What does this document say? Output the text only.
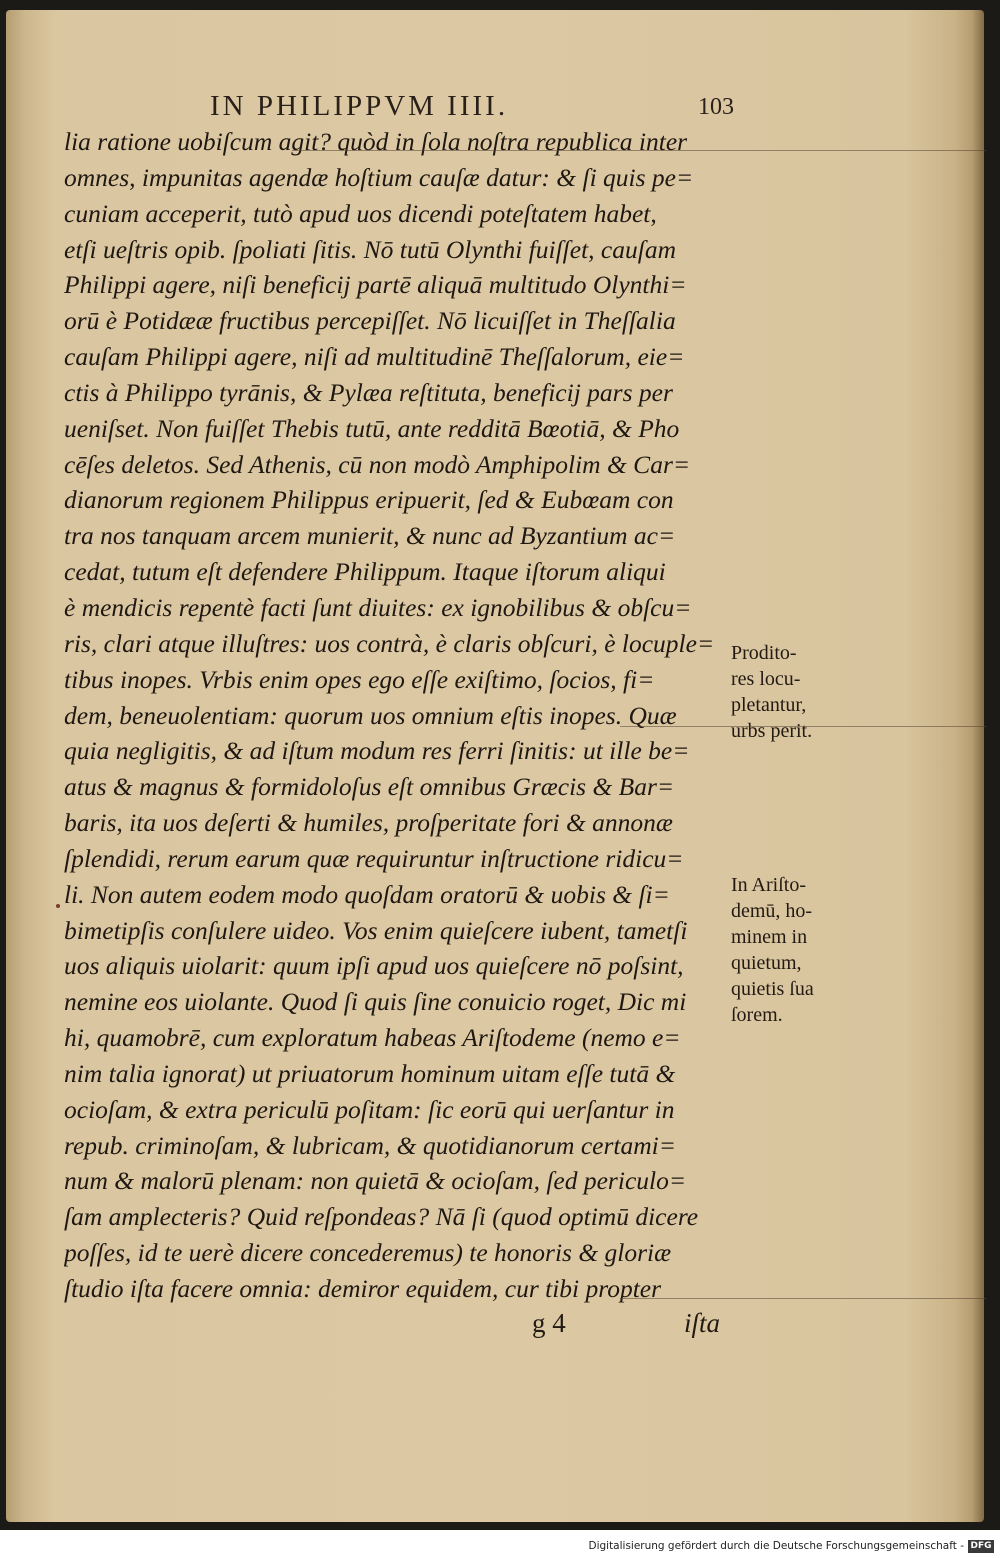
IN PHILIPPVM IIII.	103
lia ratione uobiſcum agit? quòd in ſola noſtra republica inter
omnes, impunitas agendæ hoſtium cauſæ datur: & ſi quis pe=
cuniam acceperit, tutò apud uos dicendi poteſtatem habet,
etſi ueſtris opib. ſpoliati ſitis. Nō tutū Olynthi fuiſſet, cauſam
Philippi agere, niſi beneficij partē aliquā multitudo Olynthi=
orū è Potidææ fructibus percepiſſet. Nō licuiſſet in Theſſalia
cauſam Philippi agere, niſi ad multitudinē Theſſalorum, eie=
ctis à Philippo tyrānis, & Pylæa reſtituta, beneficij pars per
ueniſset. Non fuiſſet Thebis tutū, ante redditā Bœotiā, & Pho
cēſes deletos. Sed Athenis, cū non modò Amphipolim & Car=
dianorum regionem Philippus eripuerit, ſed & Eubœam con
tra nos tanquam arcem munierit, & nunc ad Byzantium ac=
cedat, tutum eſt defendere Philippum. Itaque iſtorum aliqui
è mendicis repentè facti ſunt diuites: ex ignobilibus & obſcu=
ris, clari atque illuſtres: uos contrà, è claris obſcuri, è locuple=
tibus inopes. Vrbis enim opes ego eſſe exiſtimo, ſocios, fi=
dem, beneuolentiam: quorum uos omnium eſtis inopes. Quæ
quia negligitis, & ad iſtum modum res ferri ſinitis: ut ille be=
atus & magnus & formidoloſus eſt omnibus Græcis & Bar=
baris, ita uos deſerti & humiles, proſperitate fori & annonæ
ſplendidi, rerum earum quæ requiruntur inſtructione ridicu=
li. Non autem eodem modo quoſdam oratorū & uobis & ſi=
bimetipſis conſulere uideo. Vos enim quieſcere iubent, tametſi
uos aliquis uiolarit: quum ipſi apud uos quieſcere nō poſsint,
nemine eos uiolante. Quod ſi quis ſine conuicio roget, Dic mi
hi, quamobrē, cum exploratum habeas Ariſtodeme (nemo e=
nim talia ignorat) ut priuatorum hominum uitam eſſe tutā &
ocioſam, & extra periculū poſitam: ſic eorū qui uerſantur in
repub. criminoſam, & lubricam, & quotidianorum certami=
num & malorū plenam: non quietā & ocioſam, ſed periculo=
ſam amplecteris? Quid reſpondeas? Nā ſi (quod optimū dicere
poſſes, id te uerè dicere concederemus) te honoris & gloriæ
ſtudio iſta facere omnia: demiror equidem, cur tibi propter
Prodito-
res locu-
pletantur,
urbs perit.
In Ariſto-
demū, ho-
minem in
quietum,
quietis ſua
ſorem.
g 4	iſta
Digitalisierung gefördert durch die Deutsche Forschungsgemeinschaft - DFG
